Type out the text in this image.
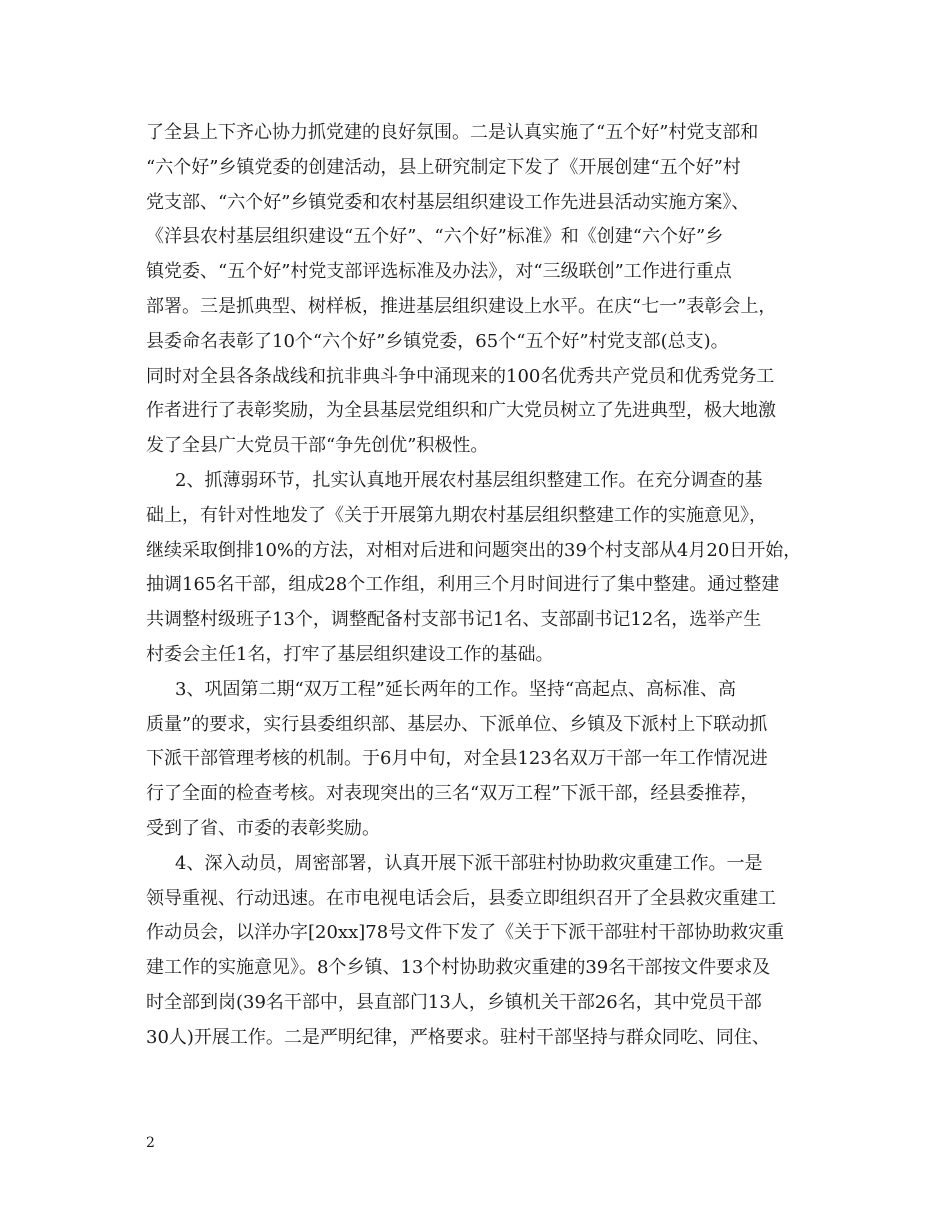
了全县上下齐心协力抓党建的良好氛围。二是认真实施了“五个好”村党支部和
“六个好”乡镇党委的创建活动，县上研究制定下发了《开展创建“五个好”村
党支部、“六个好”乡镇党委和农村基层组织建设工作先进县活动实施方案》、
《洋县农村基层组织建设“五个好”、“六个好”标准》和《创建“六个好”乡
镇党委、“五个好”村党支部评选标准及办法》，对“三级联创”工作进行重点
部署。三是抓典型、树样板，推进基层组织建设上水平。在庆“七一”表彰会上，
县委命名表彰了10个“六个好”乡镇党委，65个“五个好”村党支部(总支)。
同时对全县各条战线和抗非典斗争中涌现来的100名优秀共产党员和优秀党务工
作者进行了表彰奖励，为全县基层党组织和广大党员树立了先进典型，极大地激
发了全县广大党员干部“争先创优”积极性。
2、抓薄弱环节，扎实认真地开展农村基层组织整建工作。在充分调查的基
础上，有针对性地发了《关于开展第九期农村基层组织整建工作的实施意见》，
继续采取倒排10%的方法，对相对后进和问题突出的39个村支部从4月20日开始，
抽调165名干部，组成28个工作组，利用三个月时间进行了集中整建。通过整建
共调整村级班子13个，调整配备村支部书记1名、支部副书记12名，选举产生
村委会主任1名，打牢了基层组织建设工作的基础。
3、巩固第二期“双万工程”延长两年的工作。坚持“高起点、高标准、高
质量”的要求，实行县委组织部、基层办、下派单位、乡镇及下派村上下联动抓
下派干部管理考核的机制。于6月中旬，对全县123名双万干部一年工作情况进
行了全面的检查考核。对表现突出的三名“双万工程”下派干部，经县委推荐，
受到了省、市委的表彰奖励。
4、深入动员，周密部署，认真开展下派干部驻村协助救灾重建工作。一是
领导重视、行动迅速。在市电视电话会后，县委立即组织召开了全县救灾重建工
作动员会，以洋办字[20xx]78号文件下发了《关于下派干部驻村干部协助救灾重
建工作的实施意见》。8个乡镇、13个村协助救灾重建的39名干部按文件要求及
时全部到岗(39名干部中，县直部门13人，乡镇机关干部26名，其中党员干部
30人)开展工作。二是严明纪律，严格要求。驻村干部坚持与群众同吃、同住、
2
